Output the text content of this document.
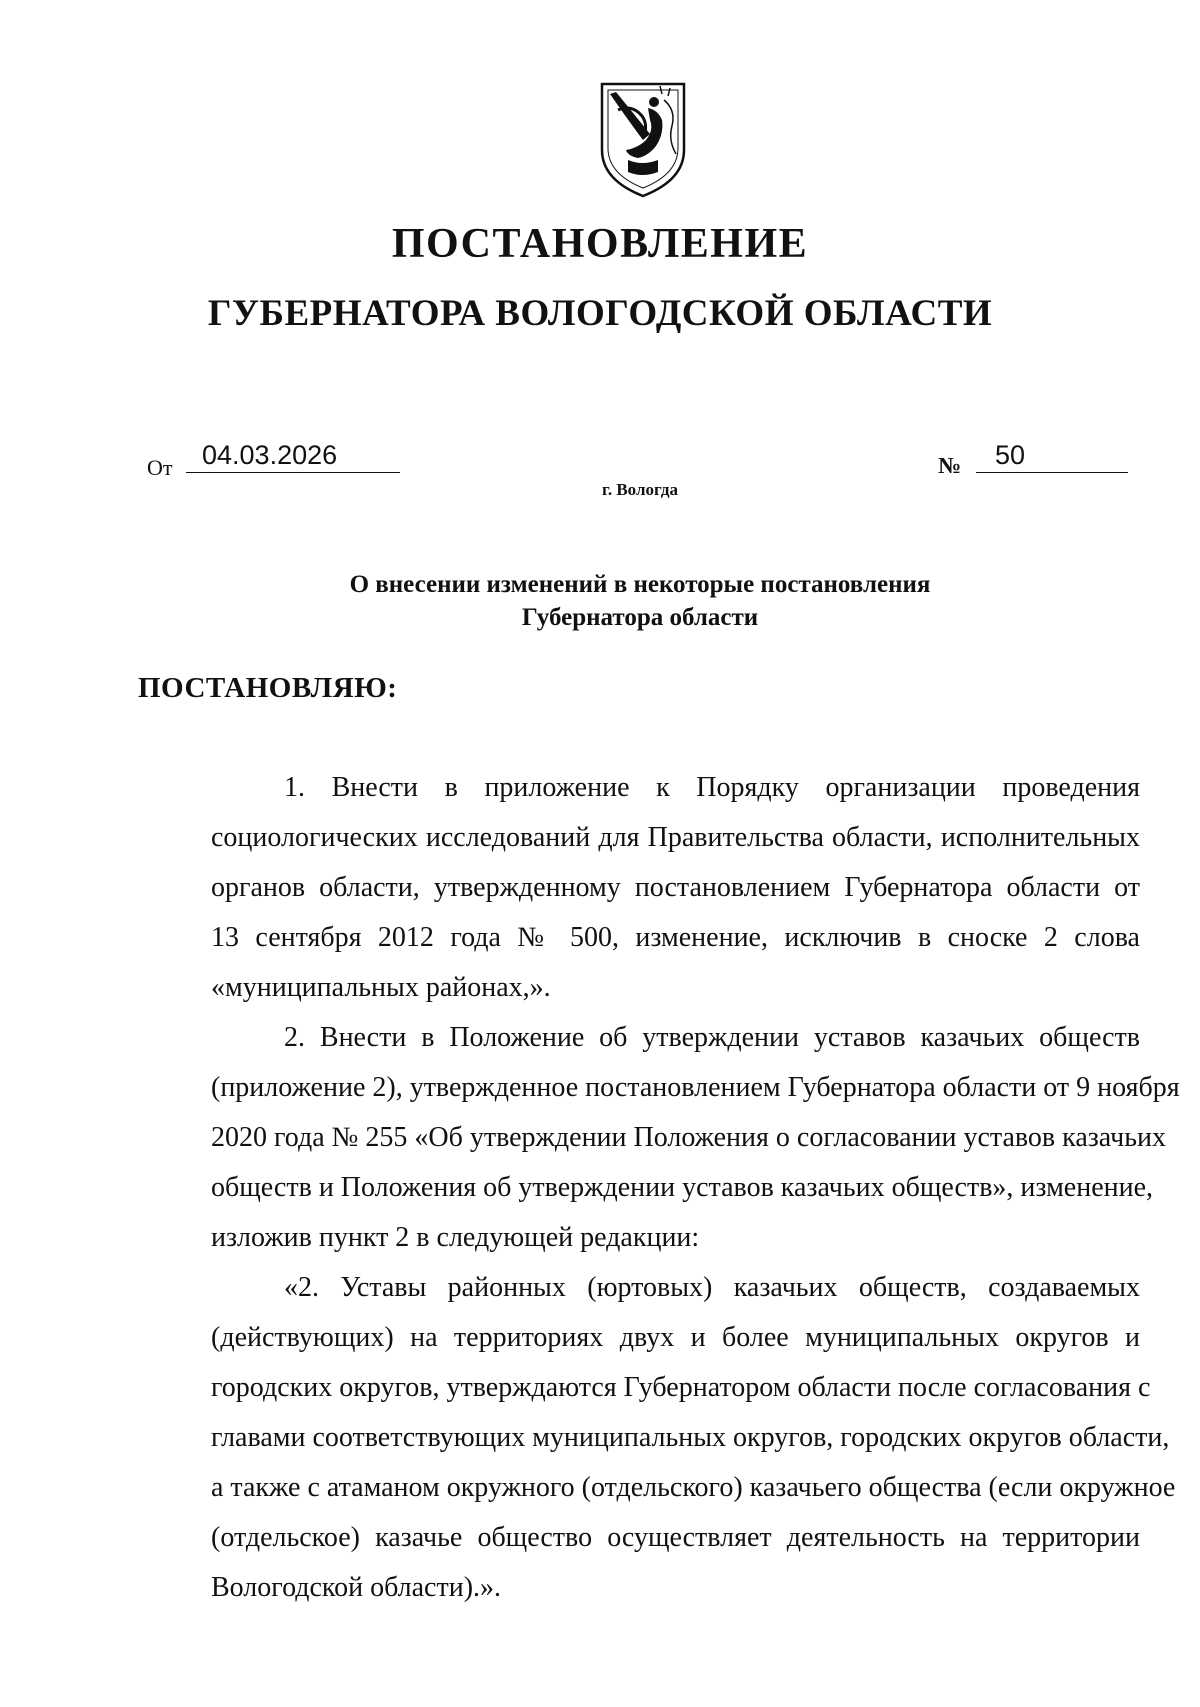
ПОСТАНОВЛЕНИЕ
ГУБЕРНАТОРА ВОЛОГОДСКОЙ ОБЛАСТИ
От 04.03.2026	№ 50
г. Вологда
О внесении изменений в некоторые постановления
Губернатора области
ПОСТАНОВЛЯЮ:
1. Внести в приложение к Порядку организации проведения
социологических исследований для Правительства области, исполнительных
органов области, утвержденному постановлением Губернатора области от
13 сентября 2012 года № 500, изменение, исключив в сноске 2 слова
«муниципальных районах,».
2. Внести в Положение об утверждении уставов казачьих обществ
(приложение 2), утвержденное постановлением Губернатора области от 9 ноября
2020 года № 255 «Об утверждении Положения о согласовании уставов казачьих
обществ и Положения об утверждении уставов казачьих обществ», изменение,
изложив пункт 2 в следующей редакции:
«2. Уставы районных (юртовых) казачьих обществ, создаваемых
(действующих) на территориях двух и более муниципальных округов и
городских округов, утверждаются Губернатором области после согласования с
главами соответствующих муниципальных округов, городских округов области,
а также с атаманом окружного (отдельского) казачьего общества (если окружное
(отдельское) казачье общество осуществляет деятельность на территории
Вологодской области).».
